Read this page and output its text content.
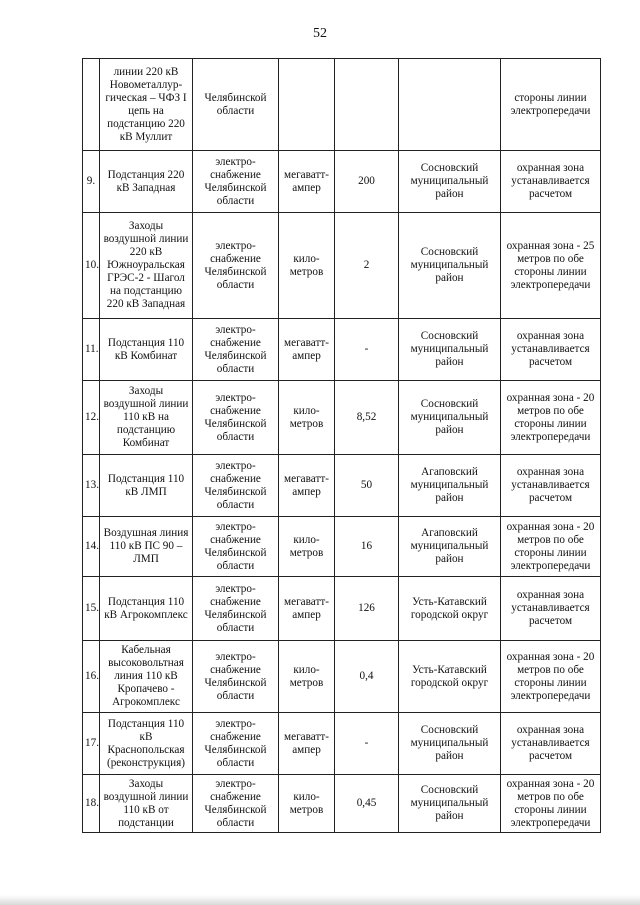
52
	линии 220 кВ Новометаллур-гическая – ЧФЗ I цепь на подстанцию 220 кВ Муллит	Челябинской области				стороны линии электропередачи
9.	Подстанция 220 кВ Западная	электро-снабжение Челябинской области	мегаватт-ампер	200	Сосновский муниципальный район	охранная зона устанавливается расчетом
10.	Заходы воздушной линии 220 кВ Южноуральская ГРЭС-2 - Шагол на подстанцию 220 кВ Западная	электро-снабжение Челябинской области	кило-метров	2	Сосновский муниципальный район	охранная зона - 25 метров по обе стороны линии электропередачи
11.	Подстанция 110 кВ Комбинат	электро-снабжение Челябинской области	мегаватт-ампер	-	Сосновский муниципальный район	охранная зона устанавливается расчетом
12.	Заходы воздушной линии 110 кВ на подстанцию Комбинат	электро-снабжение Челябинской области	кило-метров	8,52	Сосновский муниципальный район	охранная зона - 20 метров по обе стороны линии электропередачи
13.	Подстанция 110 кВ ЛМП	электро-снабжение Челябинской области	мегаватт-ампер	50	Агаповский муниципальный район	охранная зона устанавливается расчетом
14.	Воздушная линия 110 кВ ПС 90 – ЛМП	электро-снабжение Челябинской области	кило-метров	16	Агаповский муниципальный район	охранная зона - 20 метров по обе стороны линии электропередачи
15.	Подстанция 110 кВ Агрокомплекс	электро-снабжение Челябинской области	мегаватт-ампер	126	Усть-Катавский городской округ	охранная зона устанавливается расчетом
16.	Кабельная высоковольтная линия 110 кВ Кропачево - Агрокомплекс	электро-снабжение Челябинской области	кило-метров	0,4	Усть-Катавский городской округ	охранная зона - 20 метров по обе стороны линии электропередачи
17.	Подстанция 110 кВ Краснопольская (реконструкция)	электро-снабжение Челябинской области	мегаватт-ампер	-	Сосновский муниципальный район	охранная зона устанавливается расчетом
18.	Заходы воздушной линии 110 кВ от подстанции	электро-снабжение Челябинской области	кило-метров	0,45	Сосновский муниципальный район	охранная зона - 20 метров по обе стороны линии электропередачи
